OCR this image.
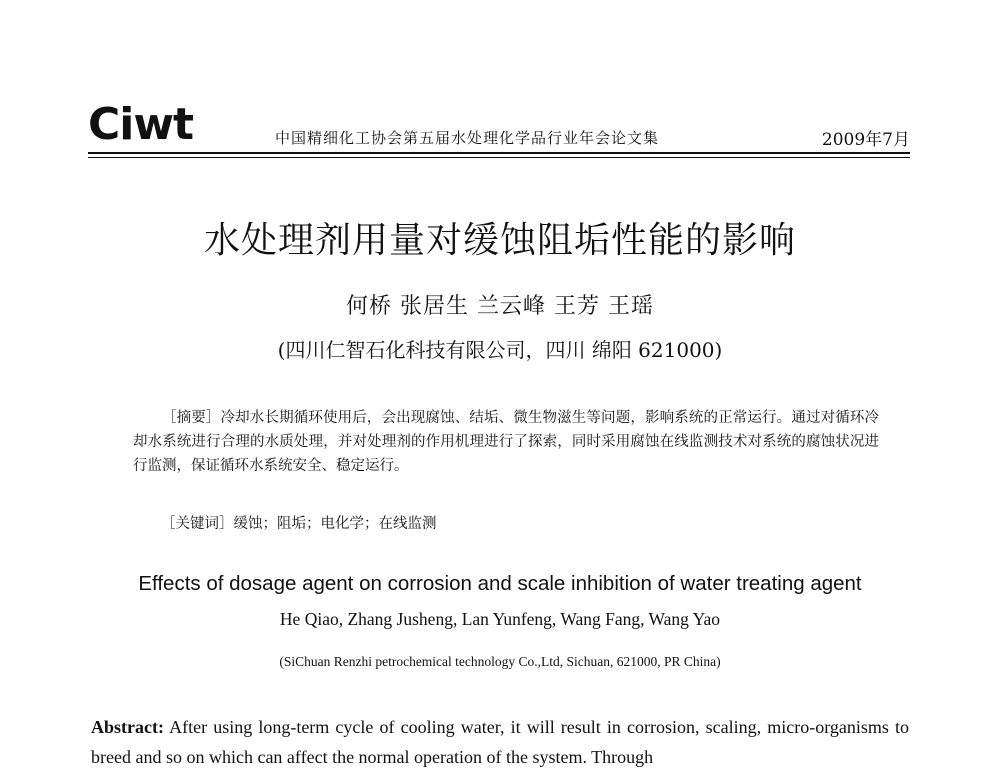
Ciwt	中国精细化工协会第五届水处理化学品行业年会论文集	2009年7月
水处理剂用量对缓蚀阻垢性能的影响
何桥 张居生 兰云峰 王芳 王瑶
(四川仁智石化科技有限公司，四川 绵阳 621000)

［摘要］冷却水长期循环使用后，会出现腐蚀、结垢、微生物滋生等问题，影响系统的正常运行。通过对循环冷却水系统进行合理的水质处理，并对处理剂的作用机理进行了探索，同时采用腐蚀在线监测技术对系统的腐蚀状况进行监测，保证循环水系统安全、稳定运行。

［关键词］缓蚀；阻垢；电化学；在线监测
Effects of dosage agent on corrosion and scale inhibition of water treating agent
He Qiao, Zhang Jusheng, Lan Yunfeng, Wang Fang, Wang Yao
(SiChuan Renzhi petrochemical technology Co.,Ltd, Sichuan, 621000, PR China)
Abstract: After using long-term cycle of cooling water, it will result in corrosion, scaling, micro-organisms to breed and so on which can affect the normal operation of the system. Through
